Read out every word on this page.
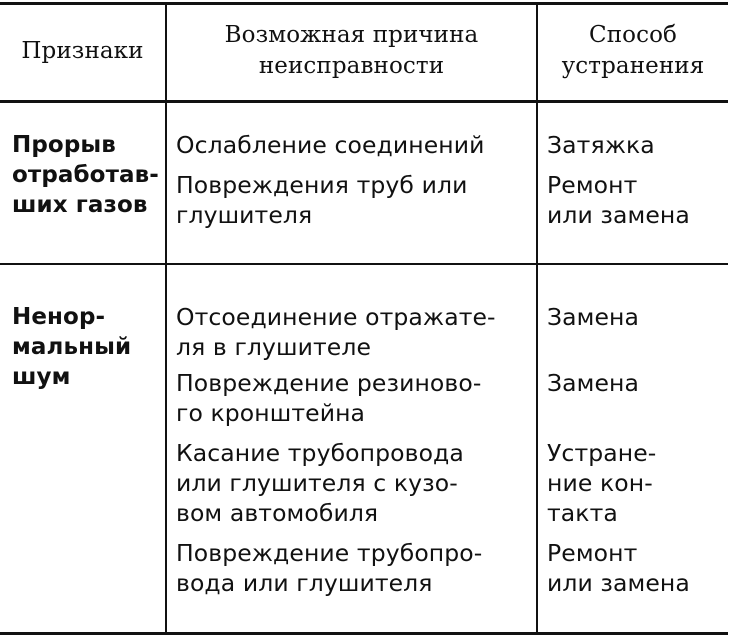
Признаки
Возможная причина
неисправности
Способ
устранения
Прорыв
отработав-
ших газов
Ослабление соединений	Затяжка
Повреждения труб или
глушителя
Ремонт
или замена
Ненор-
мальный
шум
Отсоединение отражате-
ля в глушителе
Замена
Повреждение резиново-
го кронштейна
Замена
Касание трубопровода
или глушителя с кузо-
вом автомобиля
Устране-
ние кон-
такта
Повреждение трубопро-
вода или глушителя
Ремонт
или замена
